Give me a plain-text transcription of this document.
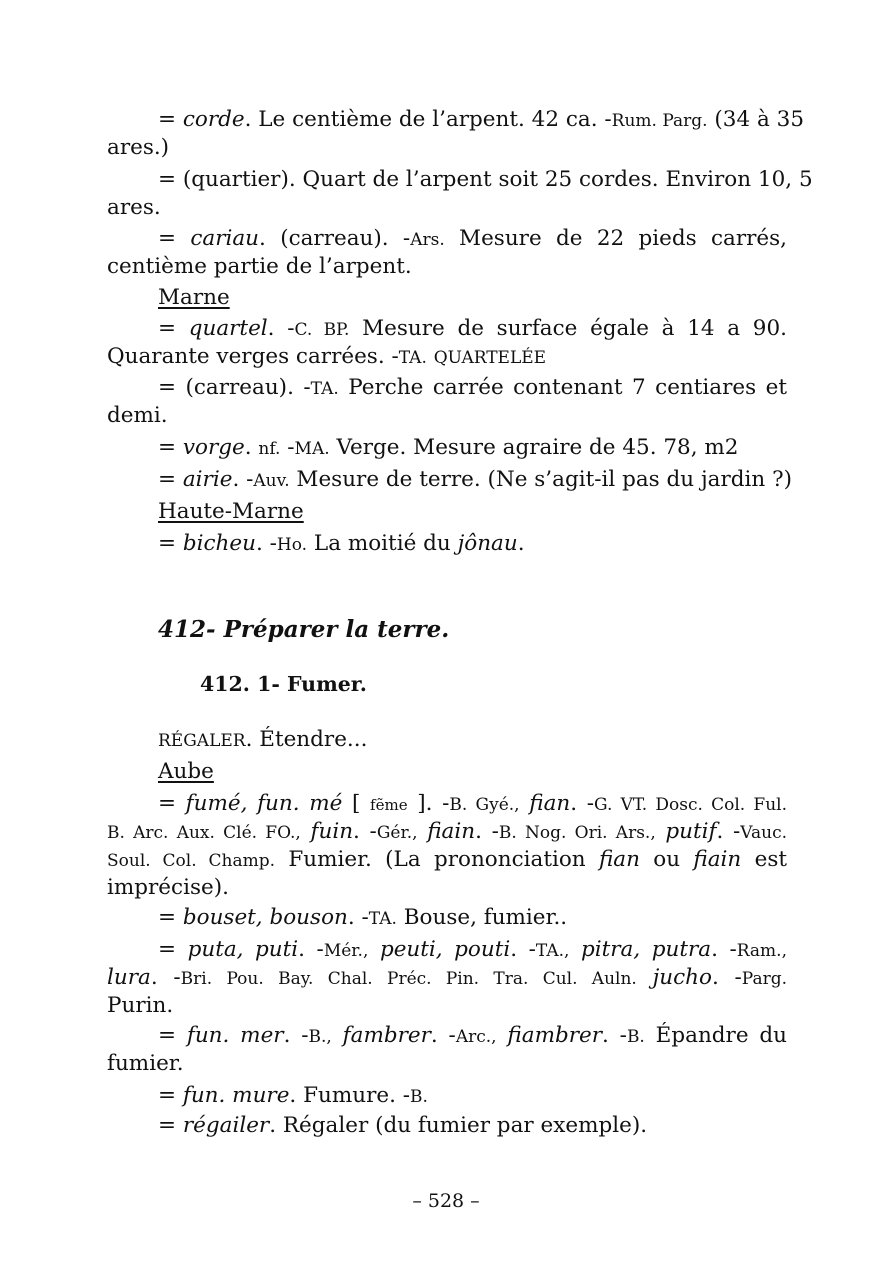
= corde. Le centième de l’arpent. 42 ca. -Rum. Parg. (34 à 35
ares.)
= (quartier). Quart de l’arpent soit 25 cordes. Environ 10, 5
ares.
= cariau. (carreau). -Ars. Mesure de 22 pieds carrés,
centième partie de l’arpent.
Marne
= quartel. -C. BP. Mesure de surface égale à 14 a 90.
Quarante verges carrées. -TA. QUARTELÉE
= (carreau). -TA. Perche carrée contenant 7 centiares et
demi.
= vorge. nf. -MA. Verge. Mesure agraire de 45. 78, m2
= airie. -Auv. Mesure de terre. (Ne s’agit-il pas du jardin ?)
Haute-Marne
= bicheu. -Ho. La moitié du jônau.
RÉGALER. Étendre...
Aube
= fumé, fun. mé [ fẽme ]. -B. Gyé., fian. -G. VT. Dosc. Col. Ful.
B. Arc. Aux. Clé. FO., fuin. -Gér., fiain. -B. Nog. Ori. Ars., putif. -Vauc.
Soul. Col. Champ. Fumier. (La prononciation fian ou fiain est
imprécise).
= bouset, bouson. -TA. Bouse, fumier..
= puta, puti. -Mér., peuti, pouti. -TA., pitra, putra. -Ram.,
lura. -Bri. Pou. Bay. Chal. Préc. Pin. Tra. Cul. Auln. jucho. -Parg.
Purin.
= fun. mer. -B., fambrer. -Arc., fiambrer. -B. Épandre du
fumier.
= fun. mure. Fumure. -B.
= régailer. Régaler (du fumier par exemple).
412- Préparer la terre.
412. 1- Fumer.
– 528 –
